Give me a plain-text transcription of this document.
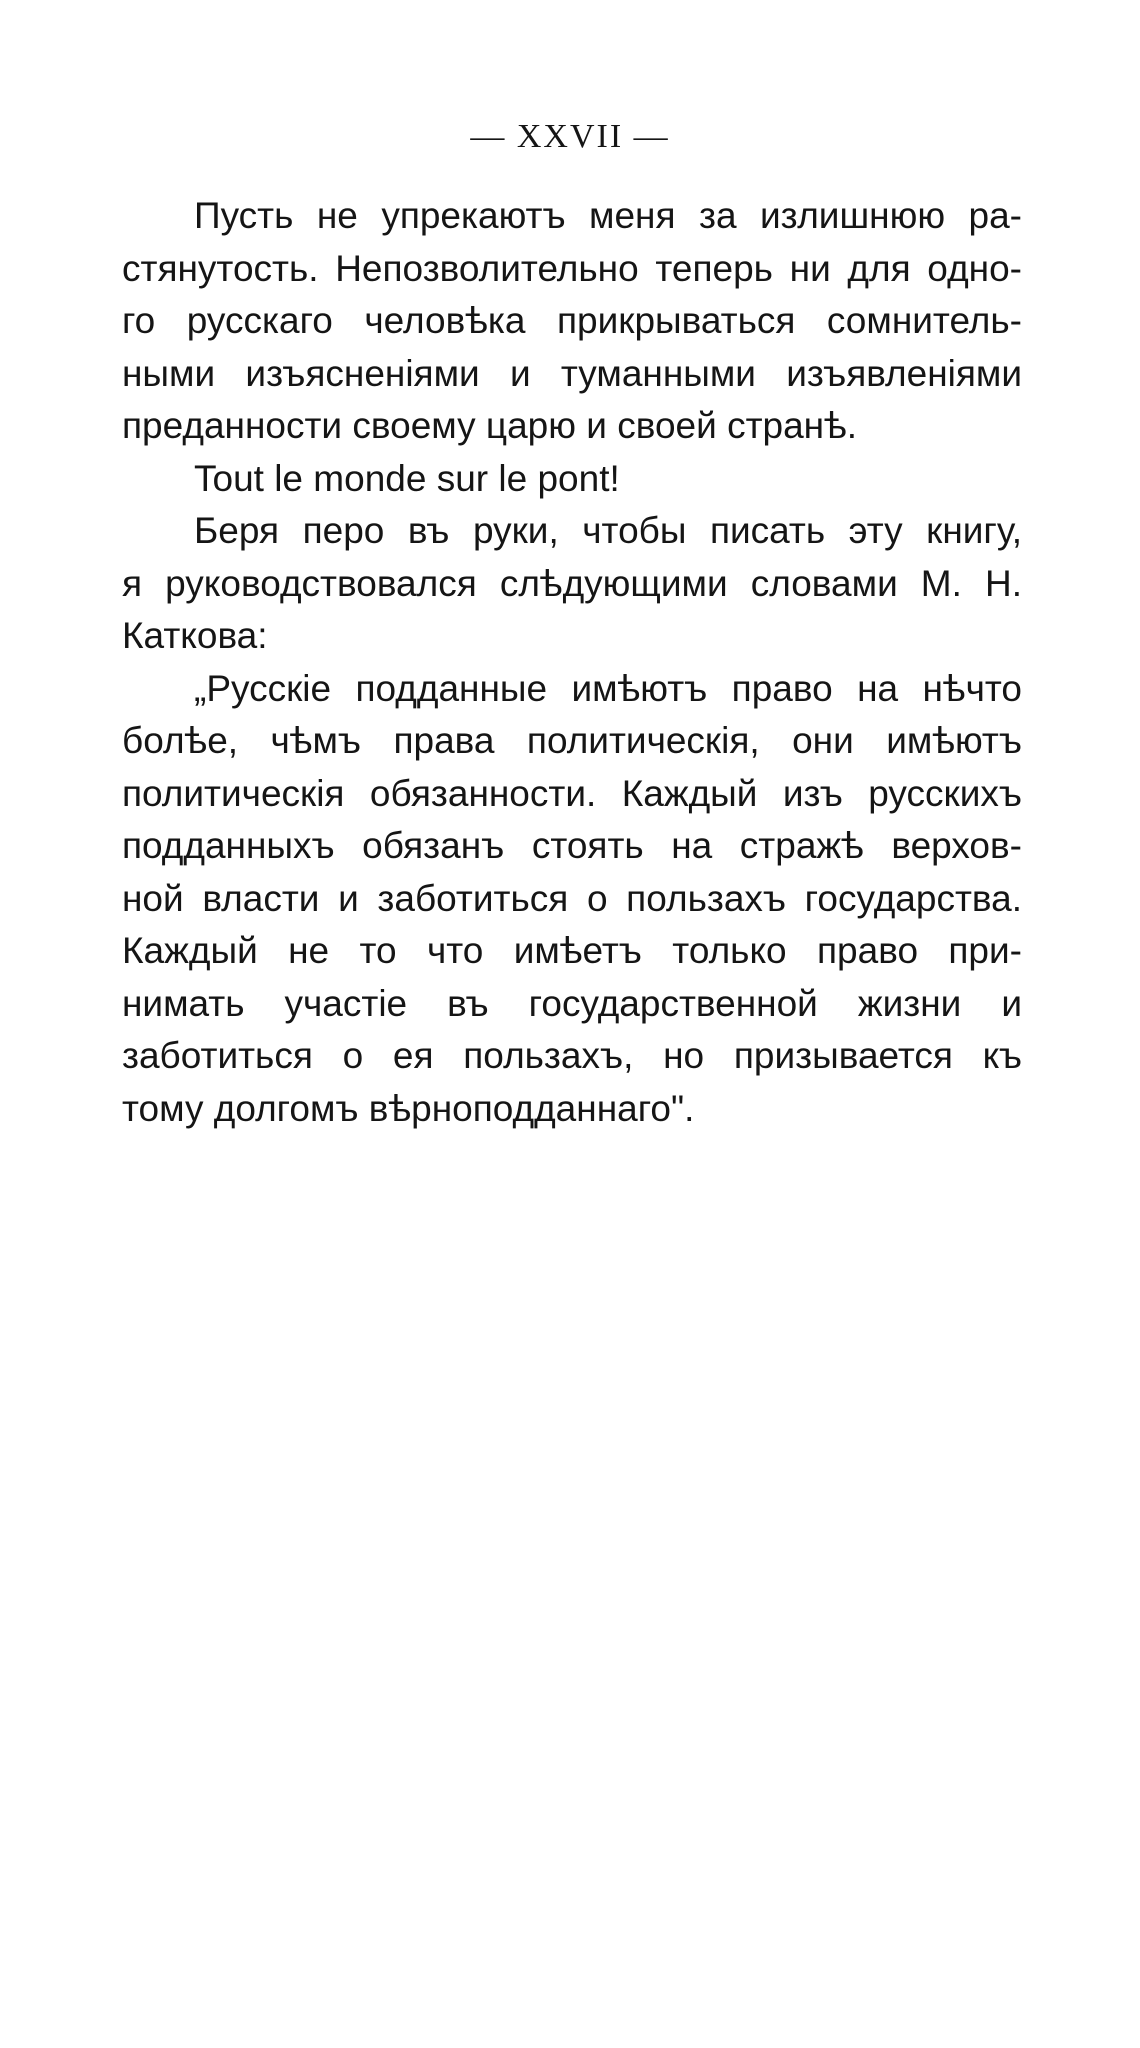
— XXVII —
Пусть не упрекаютъ меня за излишнюю ра-
стянутость. Непозволительно теперь ни для одно-
го русскаго человѣка прикрываться сомнитель-
ными изъясненіями и туманными изъявленіями
преданности своему царю и своей странѣ.
Tout le monde sur le pont!
Беря перо въ руки, чтобы писать эту книгу,
я руководствовался слѣдующими словами М. Н.
Каткова:
„Русскіе подданные имѣютъ право на нѣчто
болѣе, чѣмъ права политическія, они имѣютъ
политическія обязанности. Каждый изъ русскихъ
подданныхъ обязанъ стоять на стражѣ верхов-
ной власти и заботиться о пользахъ государства.
Каждый не то что имѣетъ только право при-
нимать участіе въ государственной жизни и
заботиться о ея пользахъ, но призывается къ
тому долгомъ вѣрноподданнаго".
